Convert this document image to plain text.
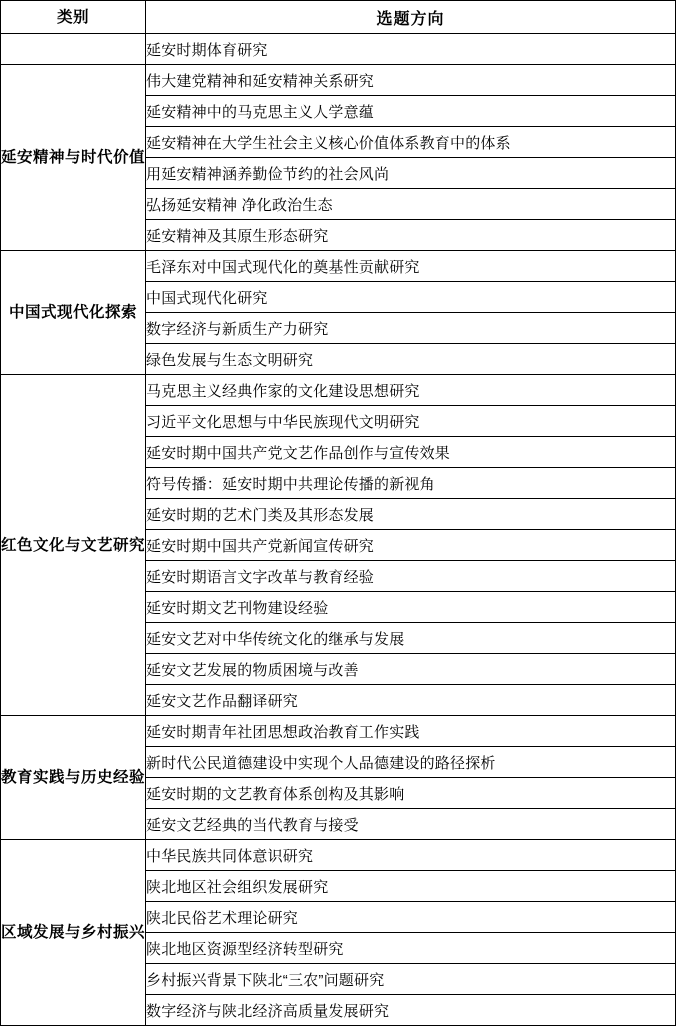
类别	选题方向
	延安时期体育研究
延安精神与时代价值	伟大建党精神和延安精神关系研究
	延安精神中的马克思主义人学意蕴
	延安精神在大学生社会主义核心价值体系教育中的体系
	用延安精神涵养勤俭节约的社会风尚
	弘扬延安精神 净化政治生态
	延安精神及其原生形态研究
中国式现代化探索	毛泽东对中国式现代化的奠基性贡献研究
	中国式现代化研究
	数字经济与新质生产力研究
	绿色发展与生态文明研究
红色文化与文艺研究	马克思主义经典作家的文化建设思想研究
	习近平文化思想与中华民族现代文明研究
	延安时期中国共产党文艺作品创作与宣传效果
	符号传播：延安时期中共理论传播的新视角
	延安时期的艺术门类及其形态发展
	延安时期中国共产党新闻宣传研究
	延安时期语言文字改革与教育经验
	延安时期文艺刊物建设经验
	延安文艺对中华传统文化的继承与发展
	延安文艺发展的物质困境与改善
	延安文艺作品翻译研究
教育实践与历史经验	延安时期青年社团思想政治教育工作实践
	新时代公民道德建设中实现个人品德建设的路径探析
	延安时期的文艺教育体系创构及其影响
	延安文艺经典的当代教育与接受
区域发展与乡村振兴	中华民族共同体意识研究
	陕北地区社会组织发展研究
	陕北民俗艺术理论研究
	陕北地区资源型经济转型研究
	乡村振兴背景下陕北“三农”问题研究
	数字经济与陕北经济高质量发展研究
